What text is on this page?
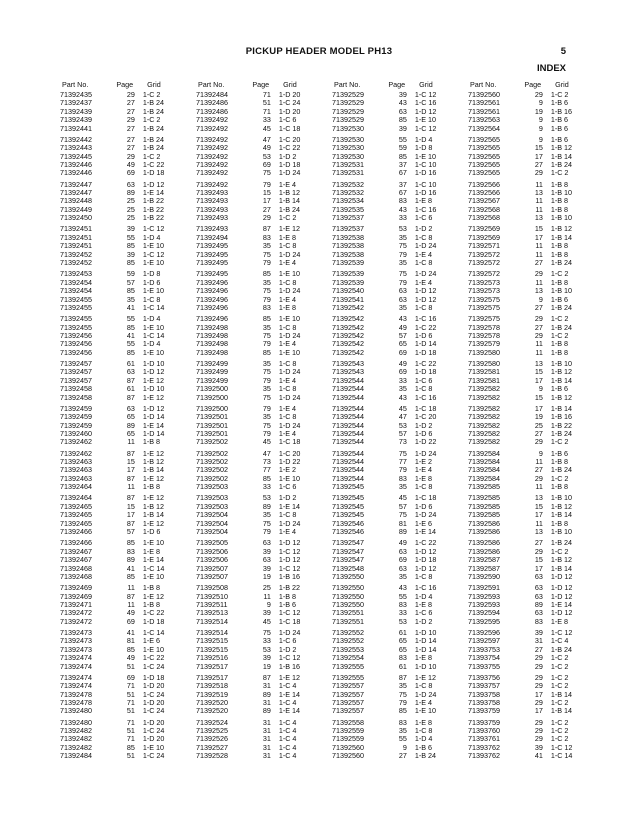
PICKUP HEADER MODEL PH13	5
INDEX
Part No.	Page	Grid
71392435	29	1-C 2
71392437	27	1-B 24
71392439	27	1-B 24
71392439	29	1-C 2
71392441	27	1-B 24
71392442	27	1-B 24
71392443	27	1-B 24
71392445	29	1-C 2
71392446	49	1-C 22
71392446	69	1-D 18
71392447	63	1-D 12
71392447	89	1-E 14
71392448	25	1-B 22
71392449	25	1-B 22
71392450	25	1-B 22
71392451	39	1-C 12
71392451	55	1-D 4
71392451	85	1-E 10
71392452	39	1-C 12
71392452	85	1-E 10
71392453	59	1-D 8
71392454	57	1-D 6
71392454	85	1-E 10
71392455	35	1-C 8
71392455	41	1-C 14
71392455	55	1-D 4
71392455	85	1-E 10
71392456	41	1-C 14
71392456	55	1-D 4
71392456	85	1-E 10
71392457	61	1-D 10
71392457	63	1-D 12
71392457	87	1-E 12
71392458	61	1-D 10
71392458	87	1-E 12
71392459	63	1-D 12
71392459	65	1-D 14
71392459	89	1-E 14
71392460	65	1-D 14
71392462	11	1-B 8
71392462	87	1-E 12
71392463	15	1-B 12
71392463	17	1-B 14
71392463	87	1-E 12
71392464	11	1-B 8
71392464	87	1-E 12
71392465	15	1-B 12
71392465	17	1-B 14
71392465	87	1-E 12
71392466	57	1-D 6
71392466	85	1-E 10
71392467	83	1-E 8
71392467	89	1-E 14
71392468	41	1-C 14
71392468	85	1-E 10
71392469	11	1-B 8
71392469	87	1-E 12
71392471	11	1-B 8
71392472	49	1-C 22
71392472	69	1-D 18
71392473	41	1-C 14
71392473	81	1-E 6
71392473	85	1-E 10
71392474	49	1-C 22
71392474	51	1-C 24
71392474	69	1-D 18
71392474	71	1-D 20
71392478	51	1-C 24
71392478	71	1-D 20
71392480	51	1-C 24
71392480	71	1-D 20
71392482	51	1-C 24
71392482	71	1-D 20
71392482	85	1-E 10
71392484	51	1-C 24
Part No.	Page	Grid
71392484	71	1-D 20
71392486	51	1-C 24
71392486	71	1-D 20
71392492	33	1-C 6
71392492	45	1-C 18
71392492	47	1-C 20
71392492	49	1-C 22
71392492	53	1-D 2
71392492	69	1-D 18
71392492	75	1-D 24
71392492	79	1-E 4
71392493	15	1-B 12
71392493	17	1-B 14
71392493	27	1-B 24
71392493	29	1-C 2
71392493	87	1-E 12
71392494	83	1-E 8
71392495	35	1-C 8
71392495	75	1-D 24
71392495	79	1-E 4
71392495	85	1-E 10
71392496	35	1-C 8
71392496	75	1-D 24
71392496	79	1-E 4
71392496	83	1-E 8
71392496	85	1-E 10
71392498	35	1-C 8
71392498	75	1-D 24
71392498	79	1-E 4
71392498	85	1-E 10
71392499	35	1-C 8
71392499	75	1-D 24
71392499	79	1-E 4
71392500	35	1-C 8
71392500	75	1-D 24
71392500	79	1-E 4
71392501	35	1-C 8
71392501	75	1-D 24
71392501	79	1-E 4
71392502	45	1-C 18
71392502	47	1-C 20
71392502	73	1-D 22
71392502	77	1-E 2
71392502	85	1-E 10
71392503	33	1-C 6
71392503	53	1-D 2
71392503	89	1-E 14
71392504	35	1-C 8
71392504	75	1-D 24
71392504	79	1-E 4
71392505	63	1-D 12
71392506	39	1-C 12
71392506	63	1-D 12
71392507	39	1-C 12
71392507	19	1-B 16
71392508	25	1-B 22
71392510	11	1-B 8
71392511	9	1-B 6
71392513	39	1-C 12
71392514	45	1-C 18
71392514	75	1-D 24
71392515	33	1-C 6
71392515	53	1-D 2
71392516	39	1-C 12
71392517	19	1-B 16
71392517	87	1-E 12
71392518	31	1-C 4
71392519	89	1-E 14
71392520	31	1-C 4
71392520	89	1-E 14
71392524	31	1-C 4
71392525	31	1-C 4
71392526	31	1-C 4
71392527	31	1-C 4
71392528	31	1-C 4
Part No.	Page	Grid
71392529	39	1-C 12
71392529	43	1-C 16
71392529	63	1-D 12
71392529	85	1-E 10
71392530	39	1-C 12
71392530	55	1-D 4
71392530	59	1-D 8
71392530	85	1-E 10
71392531	37	1-C 10
71392531	67	1-D 16
71392532	37	1-C 10
71392532	67	1-D 16
71392534	83	1-E 8
71392535	43	1-C 16
71392537	33	1-C 6
71392537	53	1-D 2
71392538	35	1-C 8
71392538	75	1-D 24
71392538	79	1-E 4
71392539	35	1-C 8
71392539	75	1-D 24
71392539	79	1-E 4
71392540	63	1-D 12
71392541	63	1-D 12
71392542	35	1-C 8
71392542	43	1-C 16
71392542	49	1-C 22
71392542	57	1-D 6
71392542	65	1-D 14
71392542	69	1-D 18
71392543	49	1-C 22
71392543	69	1-D 18
71392544	33	1-C 6
71392544	35	1-C 8
71392544	43	1-C 16
71392544	45	1-C 18
71392544	47	1-C 20
71392544	53	1-D 2
71392544	57	1-D 6
71392544	73	1-D 22
71392544	75	1-D 24
71392544	77	1-E 2
71392544	79	1-E 4
71392544	83	1-E 8
71392545	35	1-C 8
71392545	45	1-C 18
71392545	57	1-D 6
71392545	75	1-D 24
71392546	81	1-E 6
71392546	89	1-E 14
71392547	49	1-C 22
71392547	63	1-D 12
71392547	69	1-D 18
71392548	63	1-D 12
71392550	35	1-C 8
71392550	43	1-C 16
71392550	55	1-D 4
71392550	83	1-E 8
71392551	33	1-C 6
71392551	53	1-D 2
71392552	61	1-D 10
71392552	65	1-D 14
71392553	65	1-D 14
71392554	83	1-E 8
71392555	61	1-D 10
71392555	87	1-E 12
71392557	35	1-C 8
71392557	75	1-D 24
71392557	79	1-E 4
71392557	85	1-E 10
71392558	83	1-E 8
71392559	35	1-C 8
71392559	55	1-D 4
71392560	9	1-B 6
71392560	27	1-B 24
Part No.	Page	Grid
71392560	29	1-C 2
71392561	9	1-B 6
71392561	19	1-B 16
71392563	9	1-B 6
71392564	9	1-B 6
71392565	9	1-B 6
71392565	15	1-B 12
71392565	17	1-B 14
71392565	27	1-B 24
71392565	29	1-C 2
71392566	11	1-B 8
71392566	13	1-B 10
71392567	11	1-B 8
71392568	11	1-B 8
71392568	13	1-B 10
71392569	15	1-B 12
71392569	17	1-B 14
71392571	11	1-B 8
71392572	11	1-B 8
71392572	27	1-B 24
71392572	29	1-C 2
71392573	11	1-B 8
71392573	13	1-B 10
71392575	9	1-B 6
71392575	27	1-B 24
71392575	29	1-C 2
71392578	27	1-B 24
71392578	29	1-C 2
71392579	11	1-B 8
71392580	11	1-B 8
71392580	13	1-B 10
71392581	15	1-B 12
71392581	17	1-B 14
71392582	9	1-B 6
71392582	15	1-B 12
71392582	17	1-B 14
71392582	19	1-B 16
71392582	25	1-B 22
71392582	27	1-B 24
71392582	29	1-C 2
71392584	9	1-B 6
71392584	11	1-B 8
71392584	27	1-B 24
71392584	29	1-C 2
71392585	11	1-B 8
71392585	13	1-B 10
71392585	15	1-B 12
71392585	17	1-B 14
71392586	11	1-B 8
71392586	13	1-B 10
71392586	27	1-B 24
71392586	29	1-C 2
71392587	15	1-B 12
71392587	17	1-B 14
71392590	63	1-D 12
71392591	63	1-D 12
71392593	63	1-D 12
71392593	89	1-E 14
71392594	63	1-D 12
71392595	83	1-E 8
71392596	39	1-C 12
71392597	31	1-C 4
71393753	27	1-B 24
71393754	29	1-C 2
71393755	29	1-C 2
71393756	29	1-C 2
71393757	29	1-C 2
71393758	17	1-B 14
71393758	29	1-C 2
71393759	17	1-B 14
71393759	29	1-C 2
71393760	29	1-C 2
71393761	29	1-C 2
71393762	39	1-C 12
71393762	41	1-C 14
